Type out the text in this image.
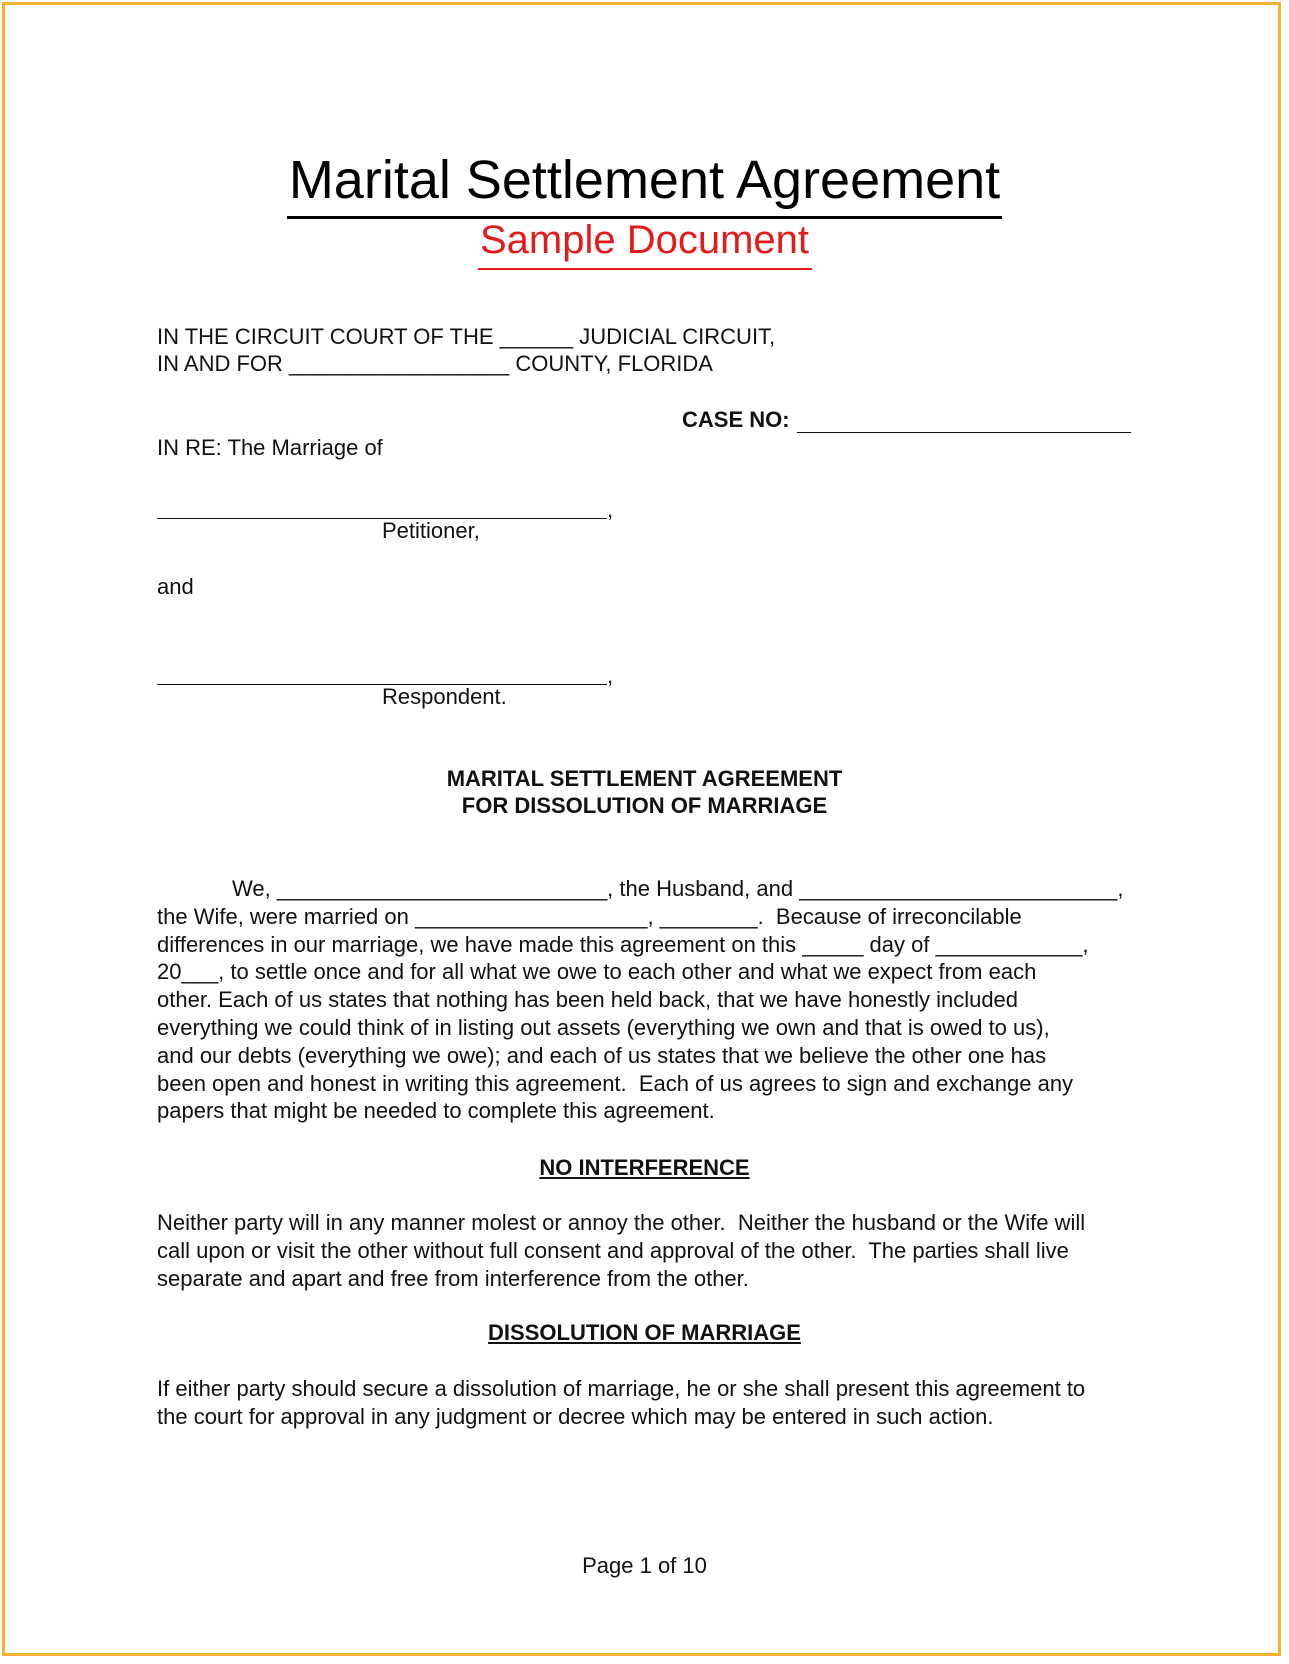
Marital Settlement Agreement
Sample Document
IN THE CIRCUIT COURT OF THE ______ JUDICIAL CIRCUIT,
IN AND FOR __________________ COUNTY, FLORIDA
CASE NO:
IN RE: The Marriage of
,
Petitioner,
and
,
Respondent.
MARITAL SETTLEMENT AGREEMENT
FOR DISSOLUTION OF MARRIAGE
We, ___________________________, the Husband, and __________________________,
the Wife, were married on ___________________, ________.  Because of irreconcilable
differences in our marriage, we have made this agreement on this _____ day of ____________,
20___, to settle once and for all what we owe to each other and what we expect from each
other. Each of us states that nothing has been held back, that we have honestly included
everything we could think of in listing out assets (everything we own and that is owed to us),
and our debts (everything we owe); and each of us states that we believe the other one has
been open and honest in writing this agreement.  Each of us agrees to sign and exchange any
papers that might be needed to complete this agreement.
NO INTERFERENCE
Neither party will in any manner molest or annoy the other.  Neither the husband or the Wife will
call upon or visit the other without full consent and approval of the other.  The parties shall live
separate and apart and free from interference from the other.
DISSOLUTION OF MARRIAGE
If either party should secure a dissolution of marriage, he or she shall present this agreement to
the court for approval in any judgment or decree which may be entered in such action.
Page 1 of 10
